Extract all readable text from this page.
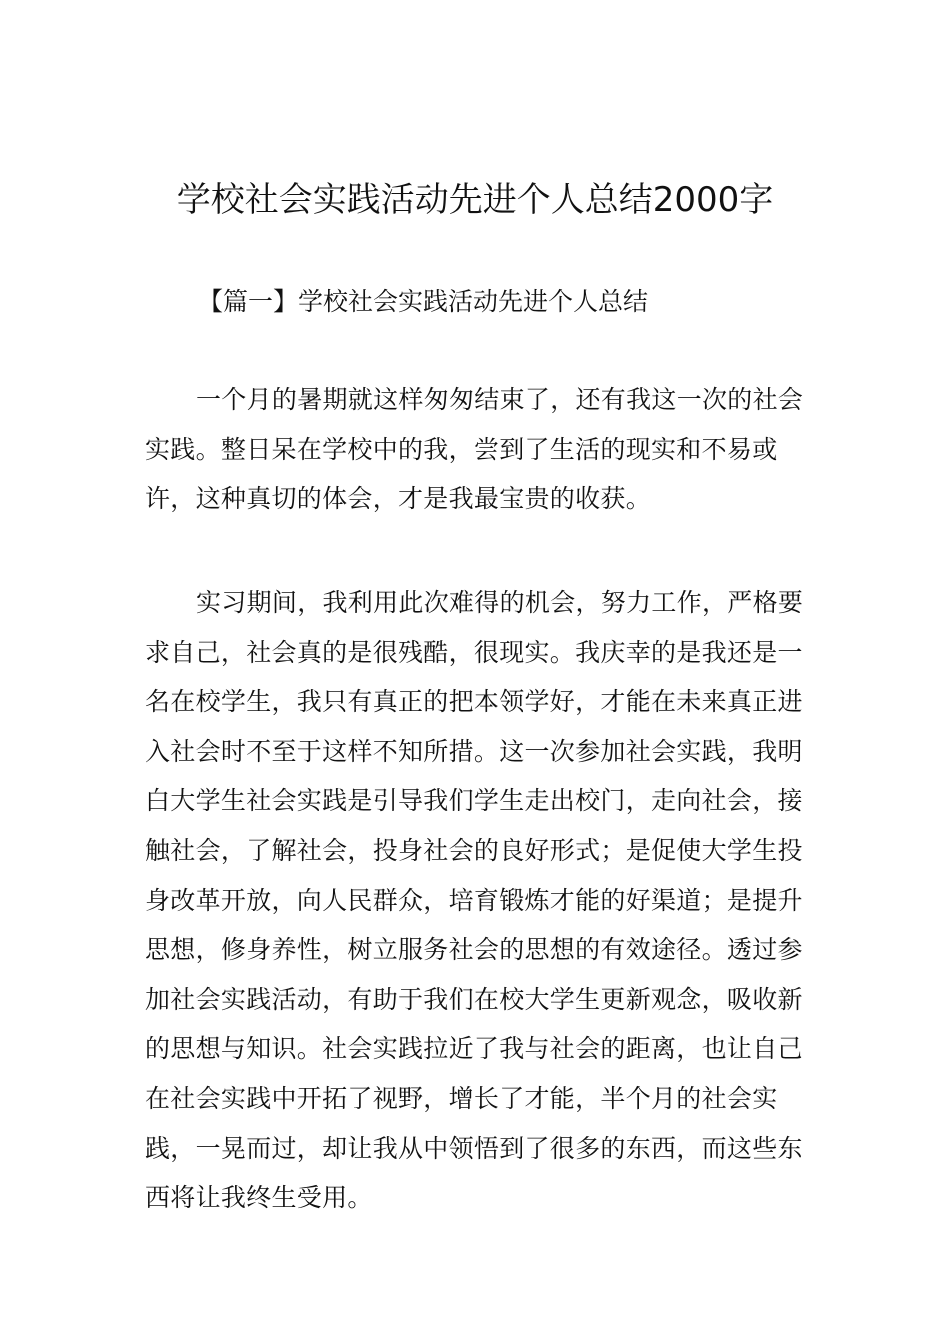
学校社会实践活动先进个人总结2000字
【篇一】学校社会实践活动先进个人总结

一个月的暑期就这样匆匆结束了，还有我这一次的社会实践。整日呆在学校中的我，尝到了生活的现实和不易或许，这种真切的体会，才是我最宝贵的收获。

实习期间，我利用此次难得的机会，努力工作，严格要求自己，社会真的是很残酷，很现实。我庆幸的是我还是一名在校学生，我只有真正的把本领学好，才能在未来真正进入社会时不至于这样不知所措。这一次参加社会实践，我明白大学生社会实践是引导我们学生走出校门，走向社会，接触社会，了解社会，投身社会的良好形式；是促使大学生投身改革开放，向人民群众，培育锻炼才能的好渠道；是提升思想，修身养性，树立服务社会的思想的有效途径。透过参加社会实践活动，有助于我们在校大学生更新观念，吸收新的思想与知识。社会实践拉近了我与社会的距离，也让自己在社会实践中开拓了视野，增长了才能，半个月的社会实践，一晃而过，却让我从中领悟到了很多的东西，而这些东西将让我终生受用。
